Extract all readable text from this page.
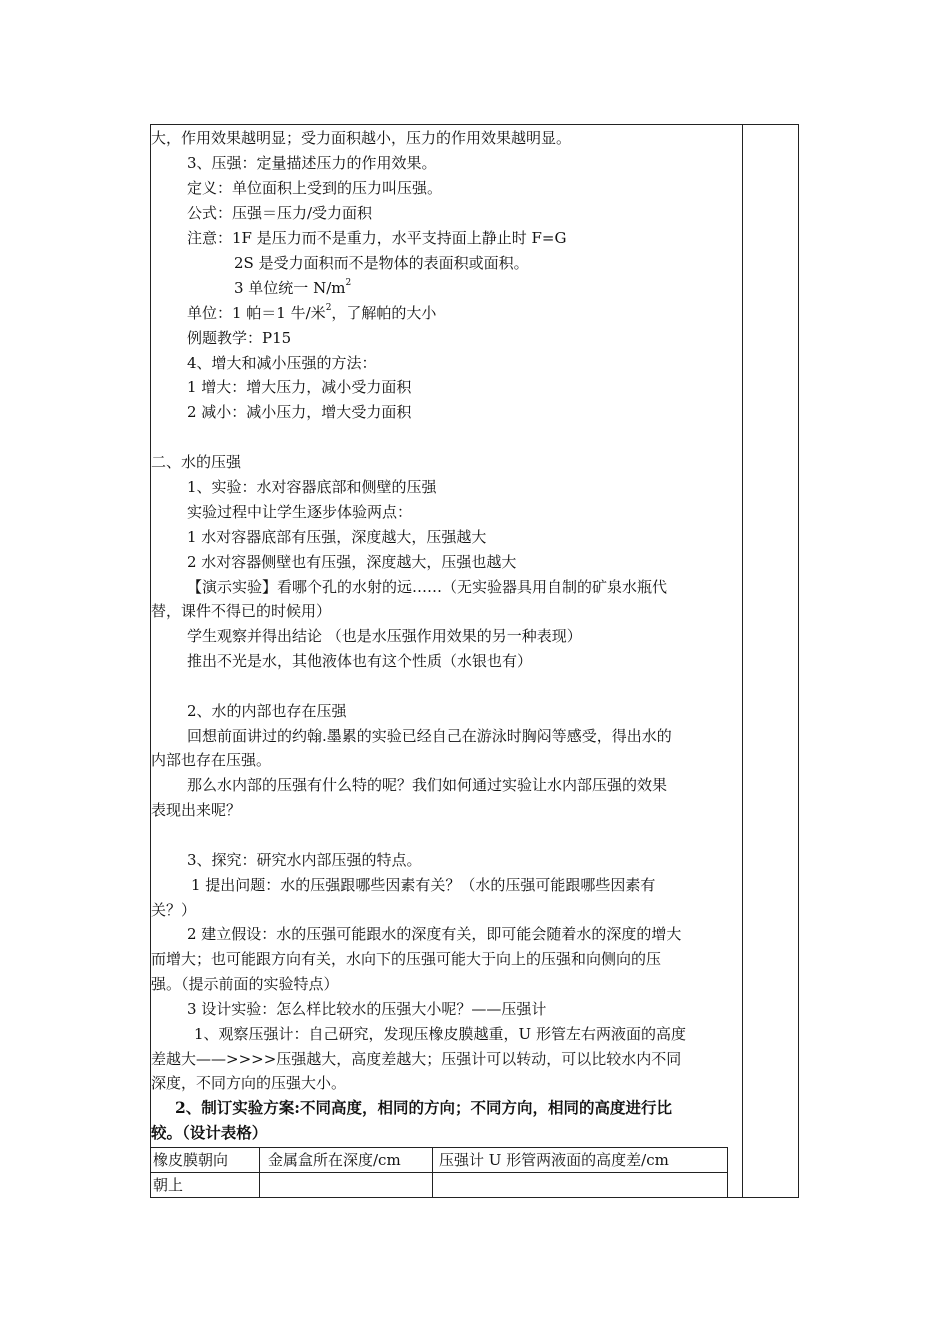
大，作用效果越明显；受力面积越小，压力的作用效果越明显。
3、压强：定量描述压力的作用效果。
定义：单位面积上受到的压力叫压强。
公式：压强＝压力/受力面积
注意：1F 是压力而不是重力，水平支持面上静止时 F=G
2S 是受力面积而不是物体的表面积或面积。
3 单位统一 $N/m^2$
单位：1 帕＝1 牛/米$^2$，了解帕的大小
例题教学：P15
4、增大和减小压强的方法：
1 增大：增大压力，减小受力面积
2 减小：减小压力，增大受力面积
二、水的压强
1、实验：水对容器底部和侧壁的压强
实验过程中让学生逐步体验两点：
1 水对容器底部有压强，深度越大，压强越大
2 水对容器侧壁也有压强，深度越大，压强也越大
【演示实验】看哪个孔的水射的远……（无实验器具用自制的矿泉水瓶代
替，课件不得已的时候用）
学生观察并得出结论 （也是水压强作用效果的另一种表现）
推出不光是水，其他液体也有这个性质（水银也有）
2、水的内部也存在压强
回想前面讲过的约翰.墨累的实验已经自己在游泳时胸闷等感受，得出水的
内部也存在压强。
那么水内部的压强有什么特的呢？我们如何通过实验让水内部压强的效果
表现出来呢？
3、探究：研究水内部压强的特点。
1 提出问题：水的压强跟哪些因素有关？（水的压强可能跟哪些因素有
关？）
2 建立假设：水的压强可能跟水的深度有关，即可能会随着水的深度的增大
而增大；也可能跟方向有关，水向下的压强可能大于向上的压强和向侧向的压
强。（提示前面的实验特点）
3 设计实验：怎么样比较水的压强大小呢？——压强计
1、观察压强计：自己研究，发现压橡皮膜越重，U 形管左右两液面的高度
差越大——>>>>压强越大，高度差越大；压强计可以转动，可以比较水内不同
深度，不同方向的压强大小。
2、制订实验方案:不同高度，相同的方向；不同方向，相同的高度进行比
较。（设计表格）
橡皮膜朝向	金属盒所在深度/cm	压强计 U 形管两液面的高度差/cm
朝上
